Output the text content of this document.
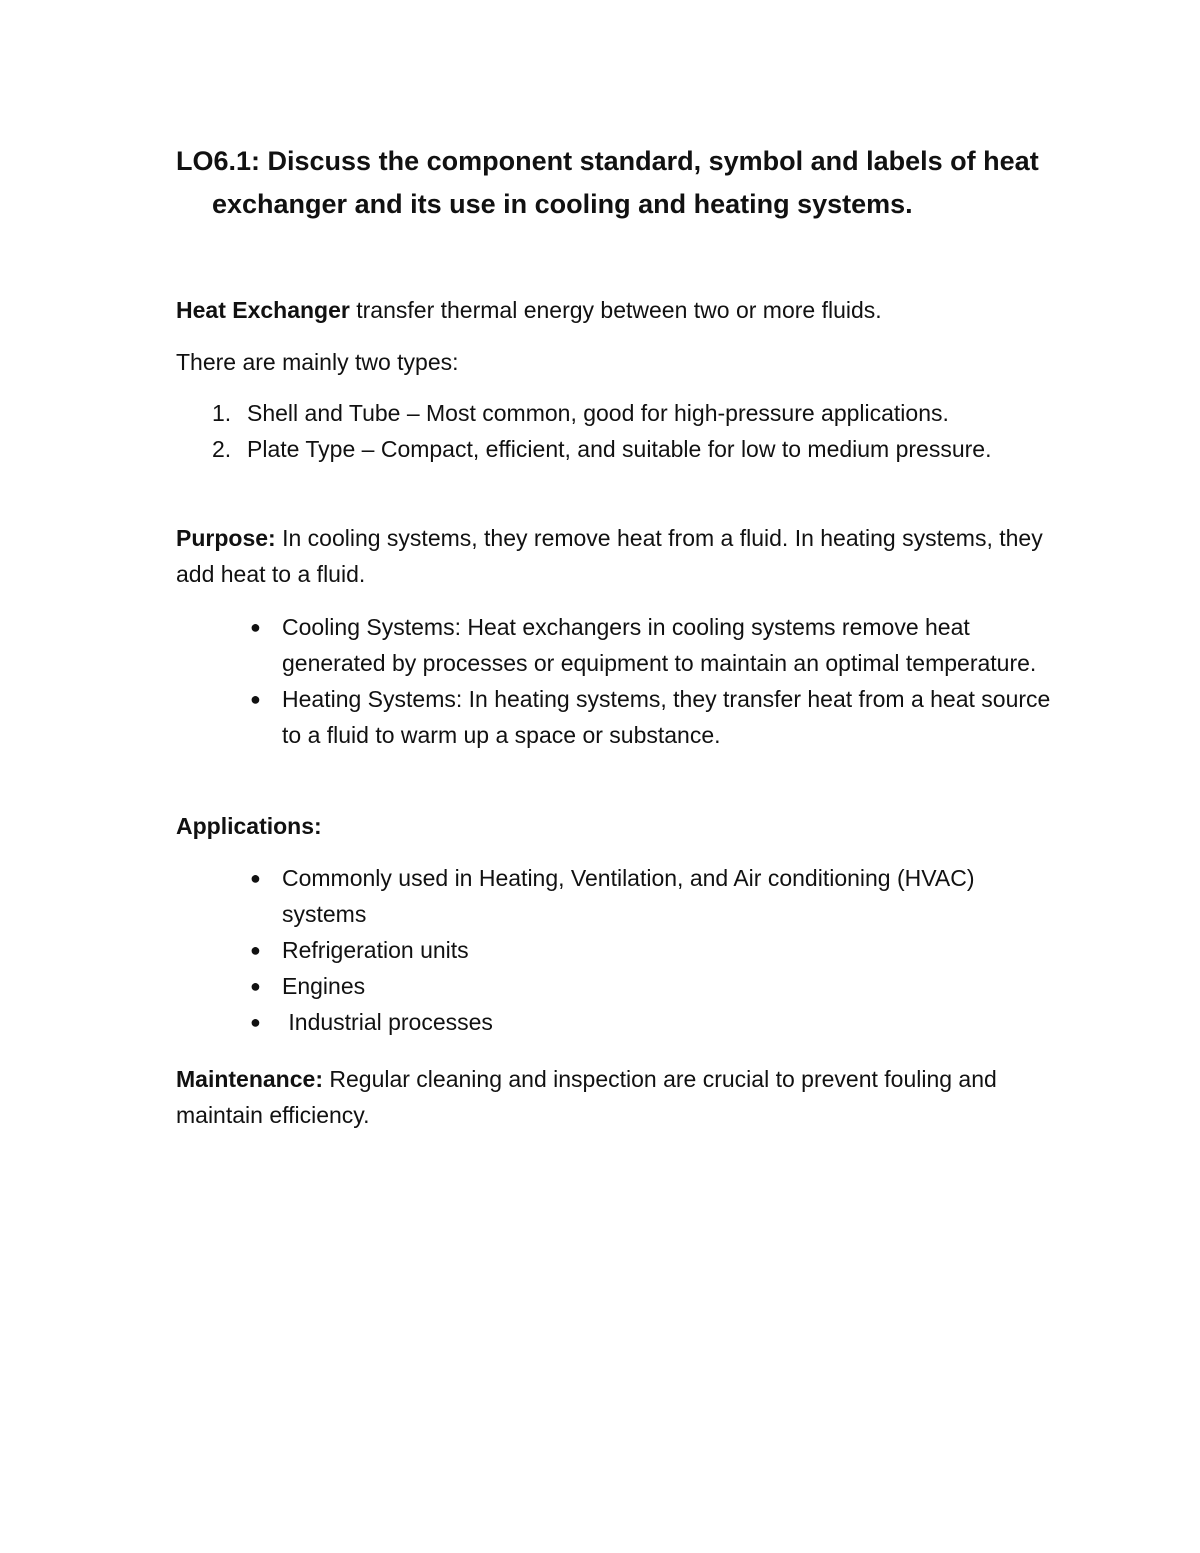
LO6.1: Discuss the component standard, symbol and labels of heat exchanger and its use in cooling and heating systems.

Heat Exchanger transfer thermal energy between two or more fluids.

There are mainly two types:

1. Shell and Tube – Most common, good for high-pressure applications.
2. Plate Type – Compact, efficient, and suitable for low to medium pressure.

Purpose: In cooling systems, they remove heat from a fluid. In heating systems, they add heat to a fluid.

● Cooling Systems: Heat exchangers in cooling systems remove heat generated by processes or equipment to maintain an optimal temperature.
● Heating Systems: In heating systems, they transfer heat from a heat source to a fluid to warm up a space or substance.

Applications:

● Commonly used in Heating, Ventilation, and Air conditioning (HVAC) systems
● Refrigeration units
● Engines
● Industrial processes

Maintenance: Regular cleaning and inspection are crucial to prevent fouling and maintain efficiency.
